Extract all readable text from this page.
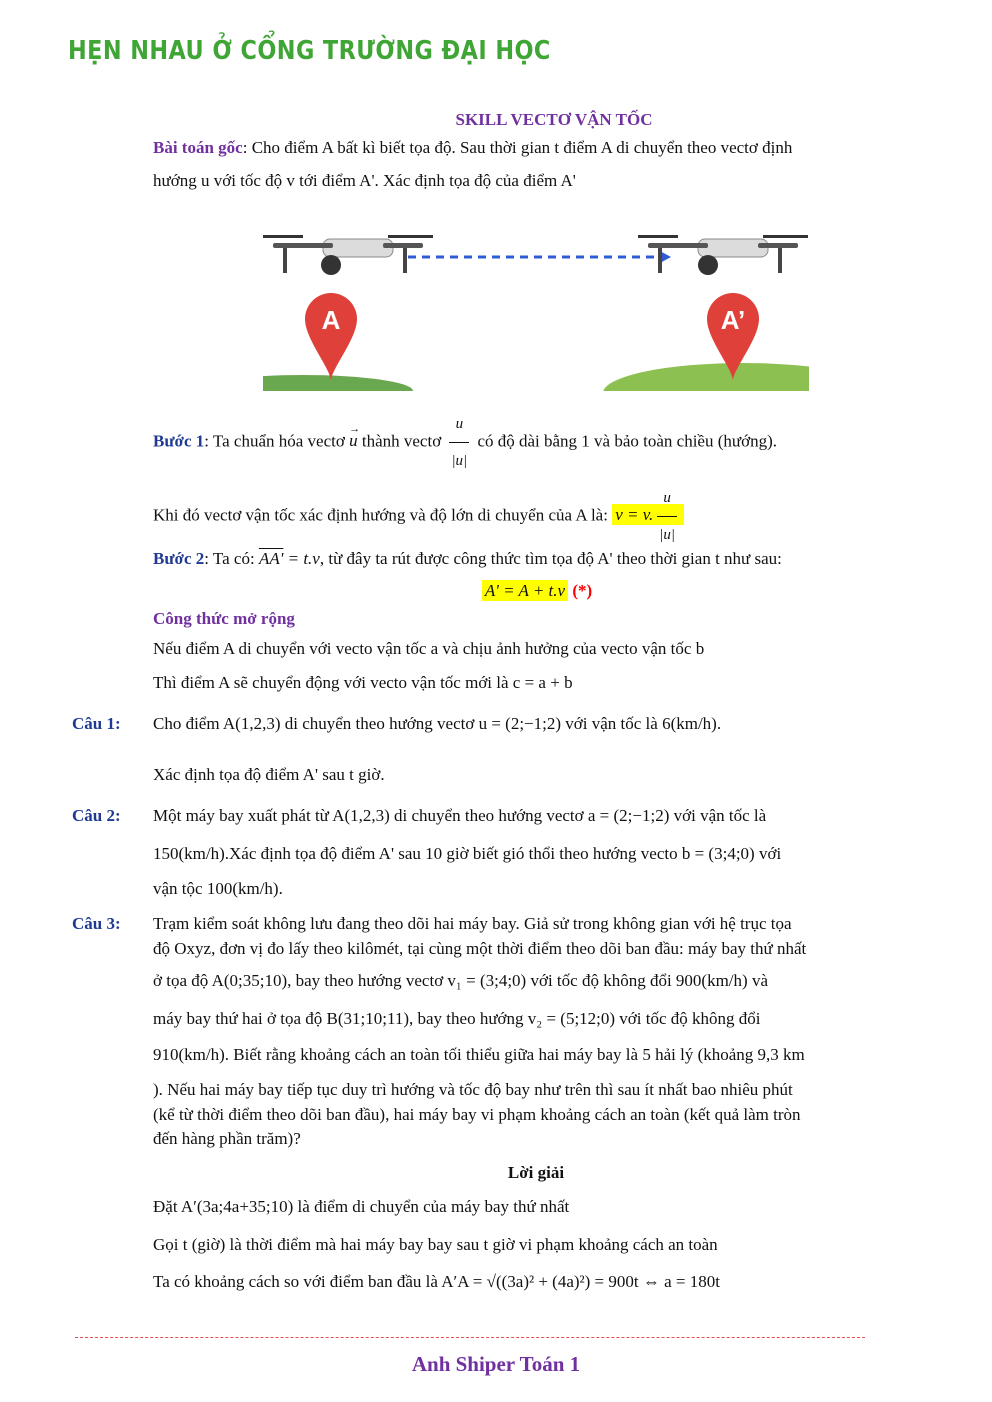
HẸN NHAU Ở CỔNG TRƯỜNG ĐẠI HỌC
SKILL VECTƠ VẬN TỐC
Bài toán gốc: Cho điểm A bất kì biết tọa độ. Sau thời gian t điểm A di chuyển theo vectơ định
hướng u với tốc độ v tới điểm A'. Xác định tọa độ của điểm A'
A	A’
Bước 1: Ta chuẩn hóa vectơ → u thành vectơ $\frac{u}{|u|}$ có độ dài bằng 1 và bảo toàn chiều (hướng).
Khi đó vectơ vận tốc xác định hướng và độ lớn di chuyển của A là: v = v. $\frac{u}{|u|}$
Bước 2: Ta có: AA' = t.v, từ đây ta rút được công thức tìm tọa độ A' theo thời gian t như sau:
A' = A + t.v (*)
Công thức mở rộng
Nếu điểm A di chuyển với vecto vận tốc a và chịu ảnh hưởng của vecto vận tốc b
Thì điểm A sẽ chuyển động với vecto vận tốc mới là c = a + b
Câu 1: Cho điểm A(1,2,3) di chuyển theo hướng vectơ u = (2;−1;2) với vận tốc là 6(km/h).
Xác định tọa độ điểm A' sau t giờ.
Câu 2: Một máy bay xuất phát từ A(1,2,3) di chuyển theo hướng vectơ a = (2;−1;2) với vận tốc là
150(km/h).Xác định tọa độ điểm A' sau 10 giờ biết gió thổi theo hướng vecto b = (3;4;0) với
vận tộc 100(km/h).
Câu 3: Trạm kiểm soát không lưu đang theo dõi hai máy bay. Giả sử trong không gian với hệ trục tọa
độ Oxyz, đơn vị đo lấy theo kilômét, tại cùng một thời điểm theo dõi ban đầu: máy bay thứ nhất
ở tọa độ A(0;35;10), bay theo hướng vectơ v₁ = (3;4;0) với tốc độ không đổi 900(km/h) và
máy bay thứ hai ở tọa độ B(31;10;11), bay theo hướng v₂ = (5;12;0) với tốc độ không đổi
910(km/h). Biết rằng khoảng cách an toàn tối thiểu giữa hai máy bay là 5 hải lý (khoảng 9,3 km
). Nếu hai máy bay tiếp tục duy trì hướng và tốc độ bay như trên thì sau ít nhất bao nhiêu phút
(kể từ thời điểm theo dõi ban đầu), hai máy bay vi phạm khoảng cách an toàn (kết quả làm tròn
đến hàng phần trăm)?
Lời giải
Đặt A′(3a;4a+35;10) là điểm di chuyển của máy bay thứ nhất
Gọi t (giờ) là thời điểm mà hai máy bay bay sau t giờ vi phạm khoảng cách an toàn
Ta có khoảng cách so với điểm ban đầu là A′A = √((3a)² + (4a)²) = 900t ⇔ a = 180t
Anh Shiper Toán 1
